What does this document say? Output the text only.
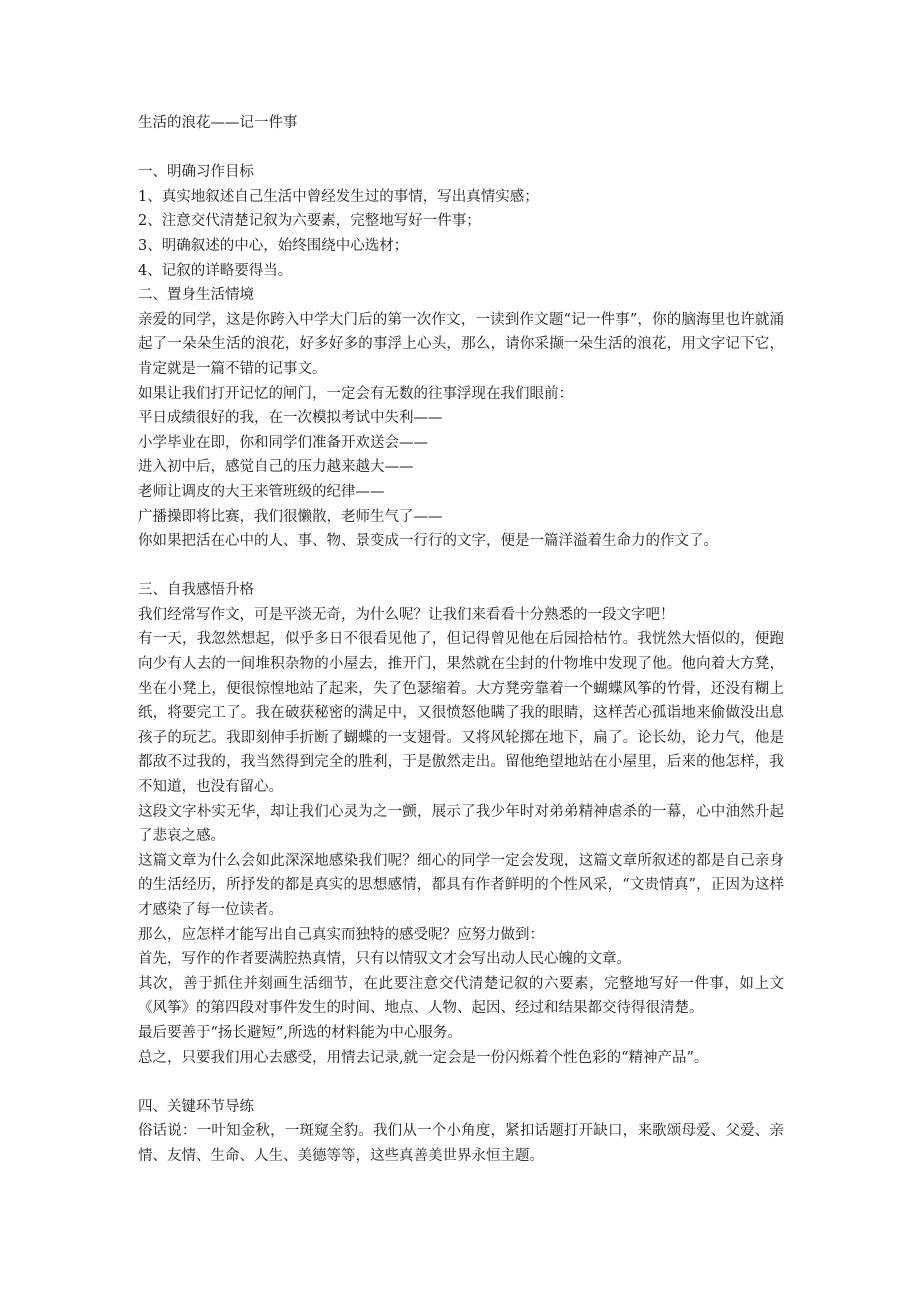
生活的浪花——记一件事
一、明确习作目标
1、真实地叙述自己生活中曾经发生过的事情，写出真情实感；
2、注意交代清楚记叙为六要素，完整地写好一件事；
3、明确叙述的中心，始终围绕中心选材；
4、记叙的详略要得当。
二、置身生活情境
亲爱的同学，这是你跨入中学大门后的第一次作文，一读到作文题“记一件事”，你的脑海里也许就涌起了一朵朵生活的浪花，好多好多的事浮上心头，那么，请你采撷一朵生活的浪花，用文字记下它，肯定就是一篇不错的记事文。
如果让我们打开记忆的闸门，一定会有无数的往事浮现在我们眼前：
平日成绩很好的我，在一次模拟考试中失利——
小学毕业在即，你和同学们准备开欢送会——
进入初中后，感觉自己的压力越来越大——
老师让调皮的大王来管班级的纪律——
广播操即将比赛，我们很懒散，老师生气了——
你如果把活在心中的人、事、物、景变成一行行的文字，便是一篇洋溢着生命力的作文了。
三、自我感悟升格
我们经常写作文，可是平淡无奇，为什么呢？让我们来看看十分熟悉的一段文字吧！
有一天，我忽然想起，似乎多日不很看见他了，但记得曾见他在后园拾枯竹。我恍然大悟似的，便跑向少有人去的一间堆积杂物的小屋去，推开门，果然就在尘封的什物堆中发现了他。他向着大方凳，坐在小凳上，便很惊惶地站了起来，失了色瑟缩着。大方凳旁靠着一个蝴蝶风筝的竹骨，还没有糊上纸，将要完工了。我在破获秘密的满足中，又很愤怒他瞒了我的眼睛，这样苦心孤诣地来偷做没出息孩子的玩艺。我即刻伸手折断了蝴蝶的一支翅骨。又将风轮掷在地下，扁了。论长幼，论力气，他是都敌不过我的，我当然得到完全的胜利，于是傲然走出。留他绝望地站在小屋里，后来的他怎样，我不知道，也没有留心。
这段文字朴实无华，却让我们心灵为之一颤，展示了我少年时对弟弟精神虐杀的一幕，心中油然升起了悲哀之感。
这篇文章为什么会如此深深地感染我们呢？细心的同学一定会发现，这篇文章所叙述的都是自己亲身的生活经历，所抒发的都是真实的思想感情，都具有作者鲜明的个性风采，“文贵情真”，正因为这样才感染了每一位读者。
那么，应怎样才能写出自己真实而独特的感受呢？应努力做到：
首先，写作的作者要满腔热真情，只有以情驭文才会写出动人民心魄的文章。
其次，善于抓住并刻画生活细节，在此要注意交代清楚记叙的六要素，完整地写好一件事，如上文《风筝》的第四段对事件发生的时间、地点、人物、起因、经过和结果都交待得很清楚。
最后要善于“扬长避短”,所选的材料能为中心服务。
总之，只要我们用心去感受，用情去记录,就一定会是一份闪烁着个性色彩的“精神产品”。
四、关键环节导练
俗话说：一叶知金秋，一斑窥全豹。我们从一个小角度，紧扣话题打开缺口，来歌颂母爱、父爱、亲情、友情、生命、人生、美德等等，这些真善美世界永恒主题。
